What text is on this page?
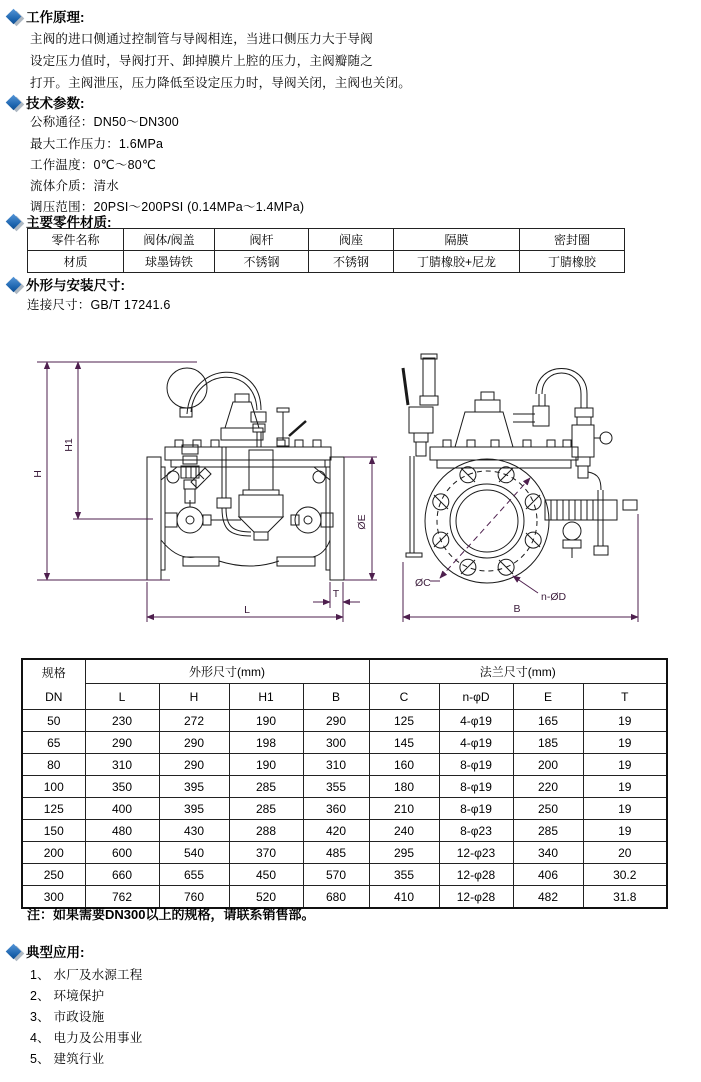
工作原理:
主阀的进口侧通过控制管与导阀相连，当进口侧压力大于导阀
设定压力值时，导阀打开、卸掉膜片上腔的压力，主阀瓣随之
打开。主阀泄压，压力降低至设定压力时，导阀关闭，主阀也关闭。
技术参数:
公称通径：DN50～DN300
最大工作压力：1.6MPa
工作温度：0℃～80℃
流体介质：清水
调压范围：20PSI～200PSI (0.14MPa～1.4MPa)
主要零件材质:
零件名称	阀体/阀盖	阀杆	阀座	隔膜	密封圈
材质	球墨铸铁	不锈钢	不锈钢	丁腈橡胶+尼龙	丁腈橡胶
外形与安装尺寸:
连接尺寸：GB/T 17241.6
H
H1
ØE
L
T
ØC
n-ØD
B
规格
DN	外形尺寸(mm)				法兰尺寸(mm)			
	L	H	H1	B	C	n-φD	E	T
50	230	272	190	290	125	4-φ19	165	19
65	290	290	198	300	145	4-φ19	185	19
80	310	290	190	310	160	8-φ19	200	19
100	350	395	285	355	180	8-φ19	220	19
125	400	395	285	360	210	8-φ19	250	19
150	480	430	288	420	240	8-φ23	285	19
200	600	540	370	485	295	12-φ23	340	20
250	660	655	450	570	355	12-φ28	406	30.2
300	762	760	520	680	410	12-φ28	482	31.8
注：如果需要DN300以上的规格，请联系销售部。
典型应用:
1、 水厂及水源工程
2、 环境保护
3、 市政设施
4、 电力及公用事业
5、 建筑行业
